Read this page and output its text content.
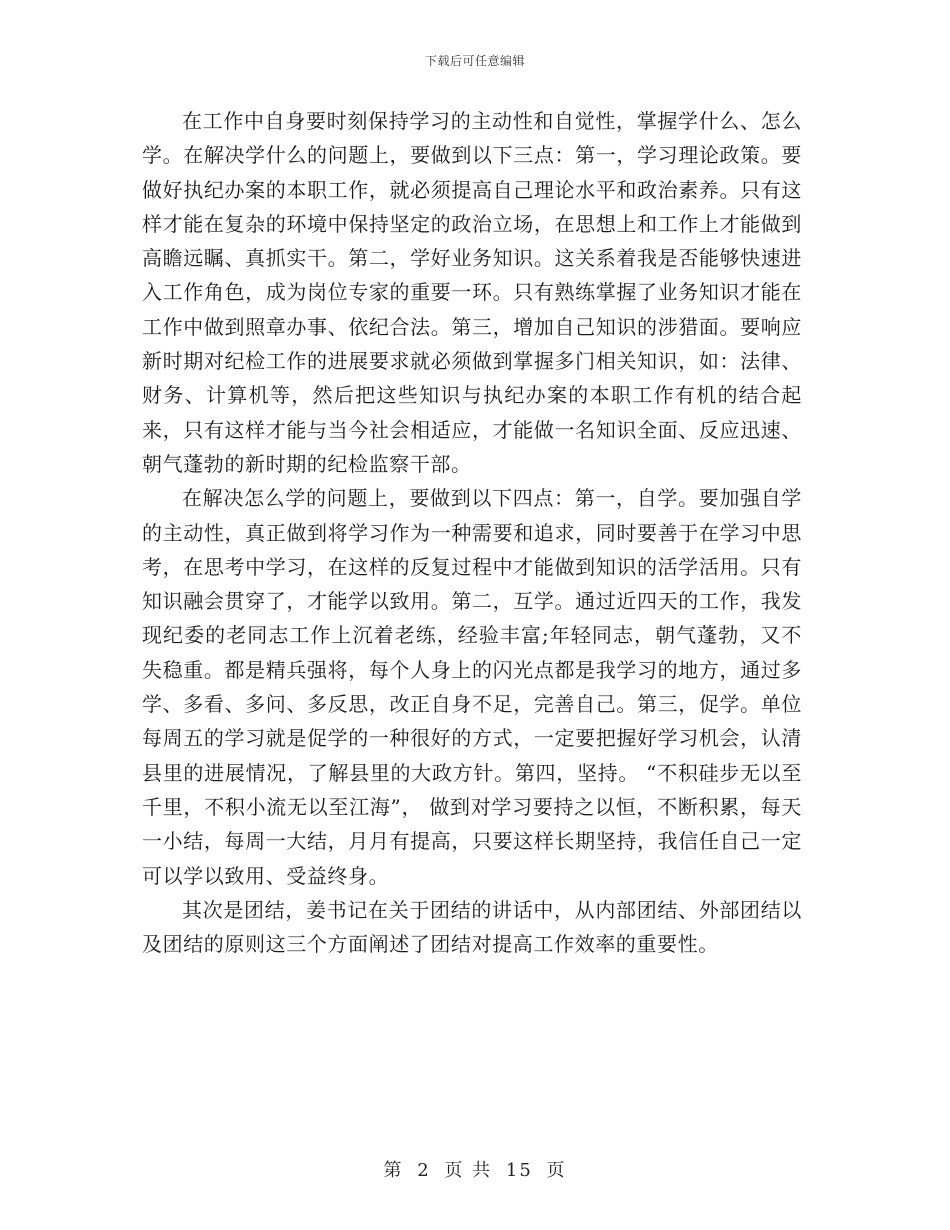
下载后可任意编辑

在工作中自身要时刻保持学习的主动性和自觉性，掌握学什么、怎么学。在解决学什么的问题上，要做到以下三点：第一，学习理论政策。要做好执纪办案的本职工作，就必须提高自己理论水平和政治素养。只有这样才能在复杂的环境中保持坚定的政治立场，在思想上和工作上才能做到高瞻远瞩、真抓实干。第二，学好业务知识。这关系着我是否能够快速进入工作角色，成为岗位专家的重要一环。只有熟练掌握了业务知识才能在工作中做到照章办事、依纪合法。第三，增加自己知识的涉猎面。要响应新时期对纪检工作的进展要求就必须做到掌握多门相关知识，如：法律、财务、计算机等，然后把这些知识与执纪办案的本职工作有机的结合起来，只有这样才能与当今社会相适应，才能做一名知识全面、反应迅速、朝气蓬勃的新时期的纪检监察干部。

在解决怎么学的问题上，要做到以下四点：第一，自学。要加强自学的主动性，真正做到将学习作为一种需要和追求，同时要善于在学习中思考，在思考中学习，在这样的反复过程中才能做到知识的活学活用。只有知识融会贯穿了，才能学以致用。第二，互学。通过近四天的工作，我发现纪委的老同志工作上沉着老练，经验丰富;年轻同志，朝气蓬勃，又不失稳重。都是精兵强将，每个人身上的闪光点都是我学习的地方，通过多学、多看、多问、多反思，改正自身不足，完善自己。第三，促学。单位每周五的学习就是促学的一种很好的方式，一定要把握好学习机会，认清县里的进展情况，了解县里的大政方针。第四，坚持。 “不积硅步无以至千里，不积小流无以至江海”， 做到对学习要持之以恒，不断积累，每天一小结，每周一大结，月月有提高，只要这样长期坚持，我信任自己一定可以学以致用、受益终身。

其次是团结，姜书记在关于团结的讲话中，从内部团结、外部团结以及团结的原则这三个方面阐述了团结对提高工作效率的重要性。

第 2 页 共 15 页
